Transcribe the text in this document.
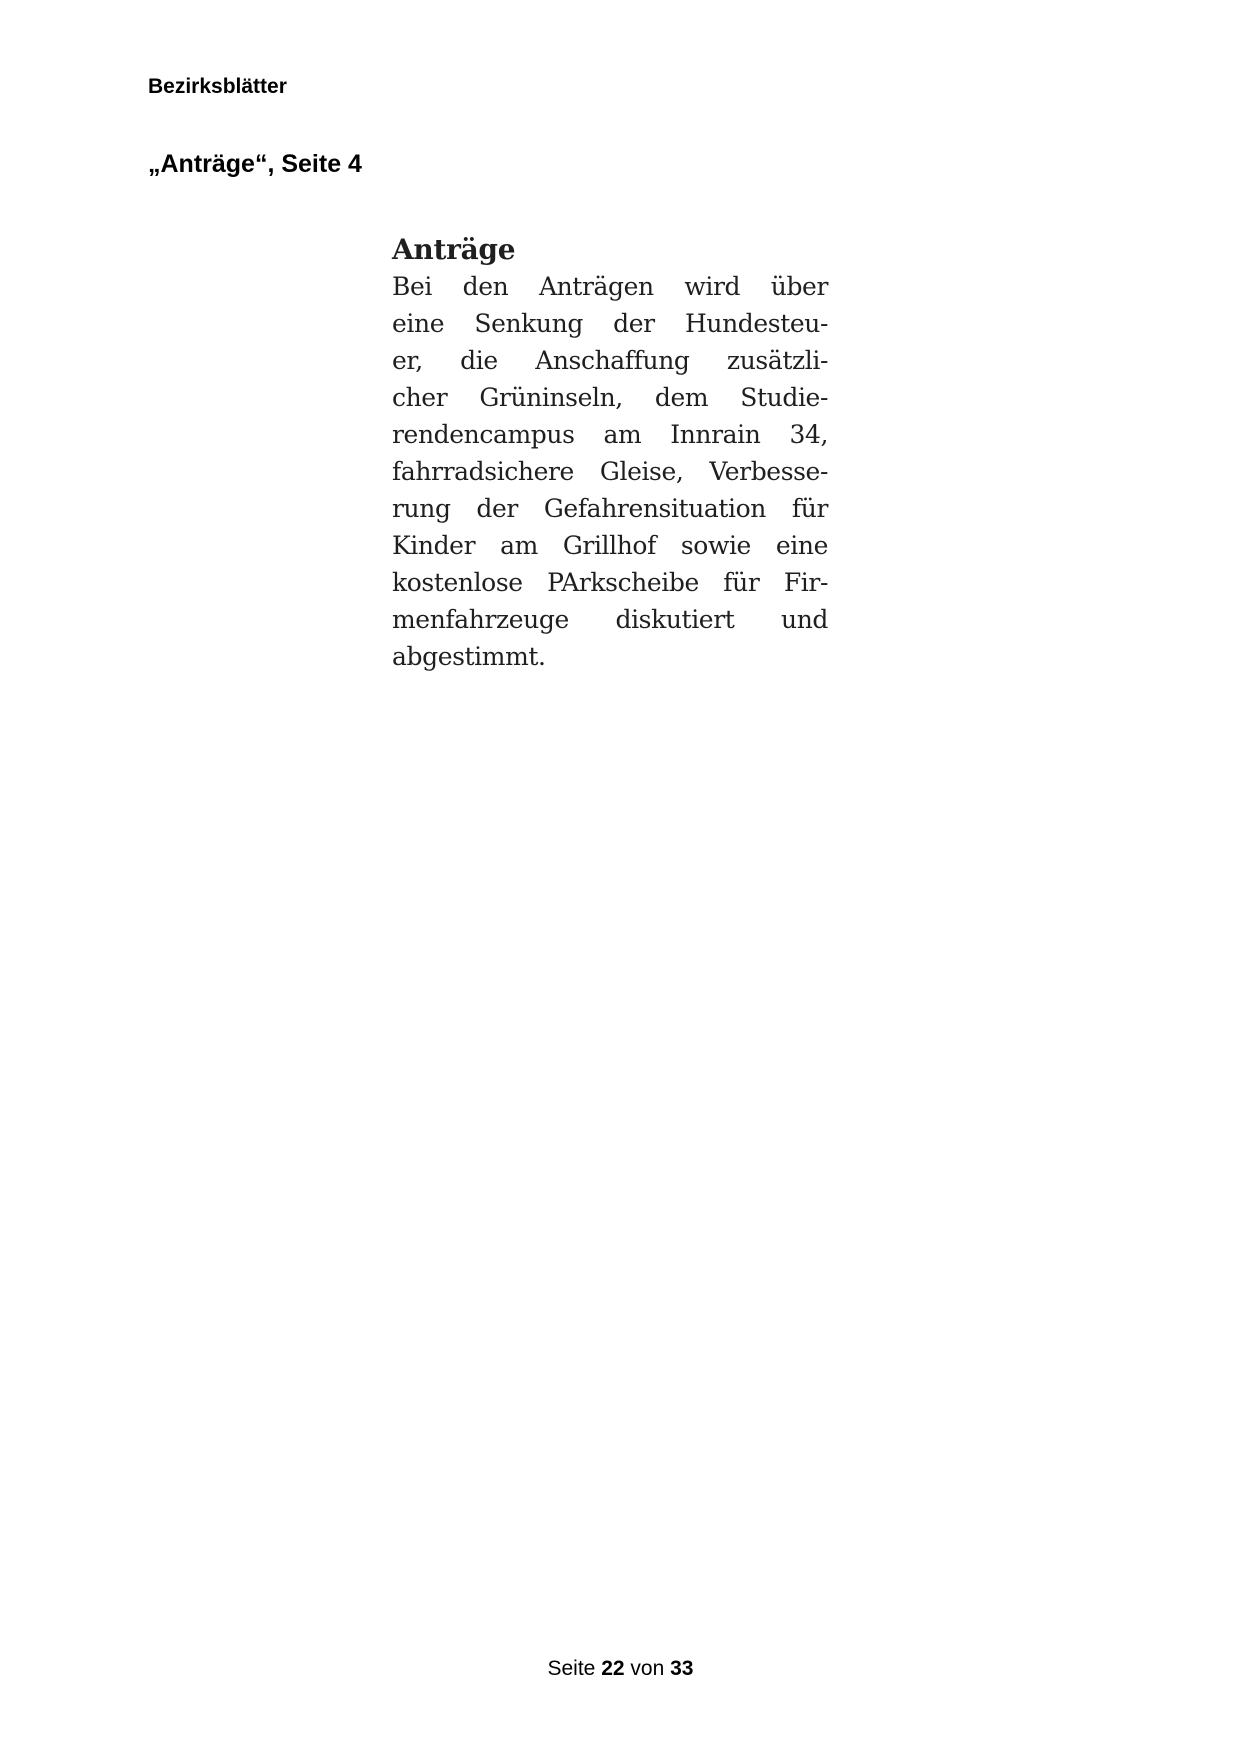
Bezirksblätter

„Anträge“, Seite 4

Anträge
Bei den Anträgen wird über
eine Senkung der Hundesteu-
er, die Anschaffung zusätzli-
cher Grüninseln, dem Studie-
rendencampus am Innrain 34,
fahrradsichere Gleise, Verbesse-
rung der Gefahrensituation für
Kinder am Grillhof sowie eine
kostenlose PArkscheibe für Fir-
menfahrzeuge diskutiert und
abgestimmt.

Seite 22 von 33
